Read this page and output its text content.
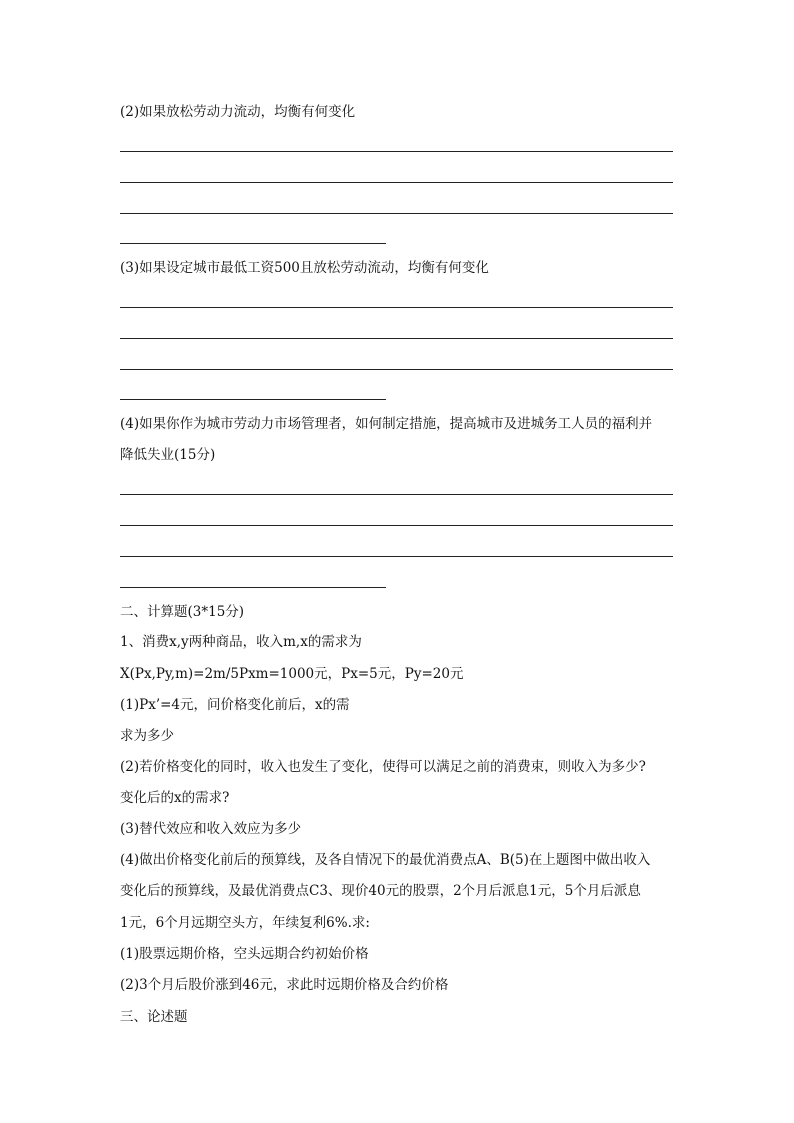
(2)如果放松劳动力流动，均衡有何变化
(3)如果设定城市最低工资500且放松劳动流动，均衡有何变化
(4)如果你作为城市劳动力市场管理者，如何制定措施，提高城市及进城务工人员的福利并
降低失业(15分)
二、计算题(3*15分)
1、消费x,y两种商品，收入m,x的需求为
X(Px,Py,m)=2m/5Pxm=1000元，Px=5元，Py=20元
(1)Px’=4元，问价格变化前后，x的需
求为多少
(2)若价格变化的同时，收入也发生了变化，使得可以满足之前的消费束，则收入为多少?
变化后的x的需求?
(3)替代效应和收入效应为多少
(4)做出价格变化前后的预算线，及各自情况下的最优消费点A、B(5)在上题图中做出收入
变化后的预算线，及最优消费点C3、现价40元的股票，2个月后派息1元，5个月后派息
1元，6个月远期空头方，年续复利6%.求:
(1)股票远期价格，空头远期合约初始价格
(2)3个月后股价涨到46元，求此时远期价格及合约价格
三、论述题
